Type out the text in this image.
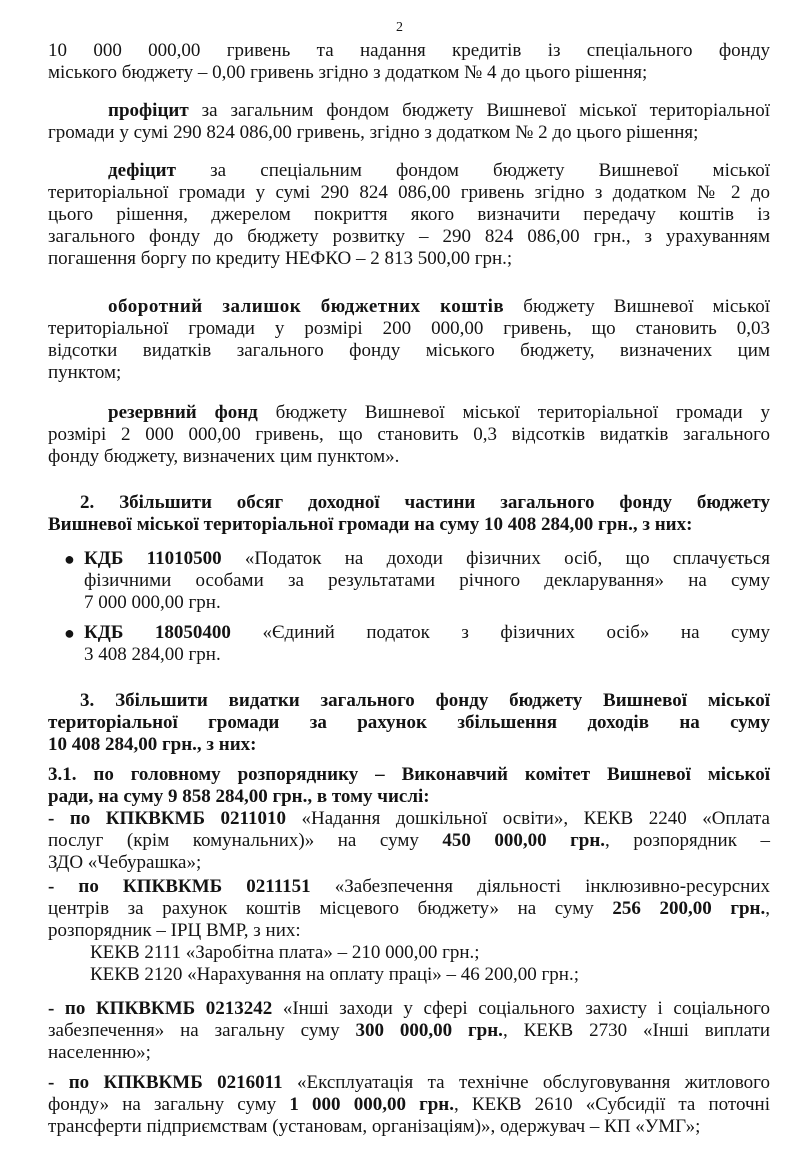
2
10 000 000,00 гривень та надання кредитів із спеціального фонду
міського бюджету – 0,00 гривень згідно з додатком № 4 до цього рішення;
профіцит за загальним фондом бюджету Вишневої міської територіальної
громади у сумі 290 824 086,00 гривень, згідно з додатком № 2 до цього рішення;
дефіцит за спеціальним фондом бюджету Вишневої міської
територіальної громади у сумі 290 824 086,00 гривень згідно з додатком № 2 до
цього рішення, джерелом покриття якого визначити передачу коштів із
загального фонду до бюджету розвитку – 290 824 086,00 грн., з урахуванням
погашення боргу по кредиту НЕФКО – 2 813 500,00 грн.;
оборотний залишок бюджетних коштів бюджету Вишневої міської
територіальної громади у розмірі 200 000,00 гривень, що становить 0,03
відсотки видатків загального фонду міського бюджету, визначених цим
пунктом;
резервний фонд бюджету Вишневої міської територіальної громади у
розмірі 2 000 000,00 гривень, що становить 0,3 відсотків видатків загального
фонду бюджету, визначених цим пунктом».
2. Збільшити обсяг доходної частини загального фонду бюджету
Вишневої міської територіальної громади на суму 10 408 284,00 грн., з них:
● КДБ 11010500 «Податок на доходи фізичних осіб, що сплачується
фізичними особами за результатами річного декларування» на суму
7 000 000,00 грн.
● КДБ 18050400 «Єдиний податок з фізичних осіб» на суму
3 408 284,00 грн.
3. Збільшити видатки загального фонду бюджету Вишневої міської
територіальної громади за рахунок збільшення доходів на суму
10 408 284,00 грн., з них:
3.1. по головному розпоряднику – Виконавчий комітет Вишневої міської
ради, на суму 9 858 284,00 грн., в тому числі:
- по КПКВКМБ 0211010 «Надання дошкільної освіти», КЕКВ 2240 «Оплата
послуг (крім комунальних)» на суму 450 000,00 грн., розпорядник –
ЗДО «Чебурашка»;
- по КПКВКМБ 0211151 «Забезпечення діяльності інклюзивно-ресурсних
центрів за рахунок коштів місцевого бюджету» на суму 256 200,00 грн.,
розпорядник – ІРЦ ВМР, з них:
КЕКВ 2111 «Заробітна плата» – 210 000,00 грн.;
КЕКВ 2120 «Нарахування на оплату праці» – 46 200,00 грн.;
- по КПКВКМБ 0213242 «Інші заходи у сфері соціального захисту і соціального
забезпечення» на загальну суму 300 000,00 грн., КЕКВ 2730 «Інші виплати
населенню»;
- по КПКВКМБ 0216011 «Експлуатація та технічне обслуговування житлового
фонду» на загальну суму 1 000 000,00 грн., КЕКВ 2610 «Субсидії та поточні
трансферти підприємствам (установам, організаціям)», одержувач – КП «УМГ»;
